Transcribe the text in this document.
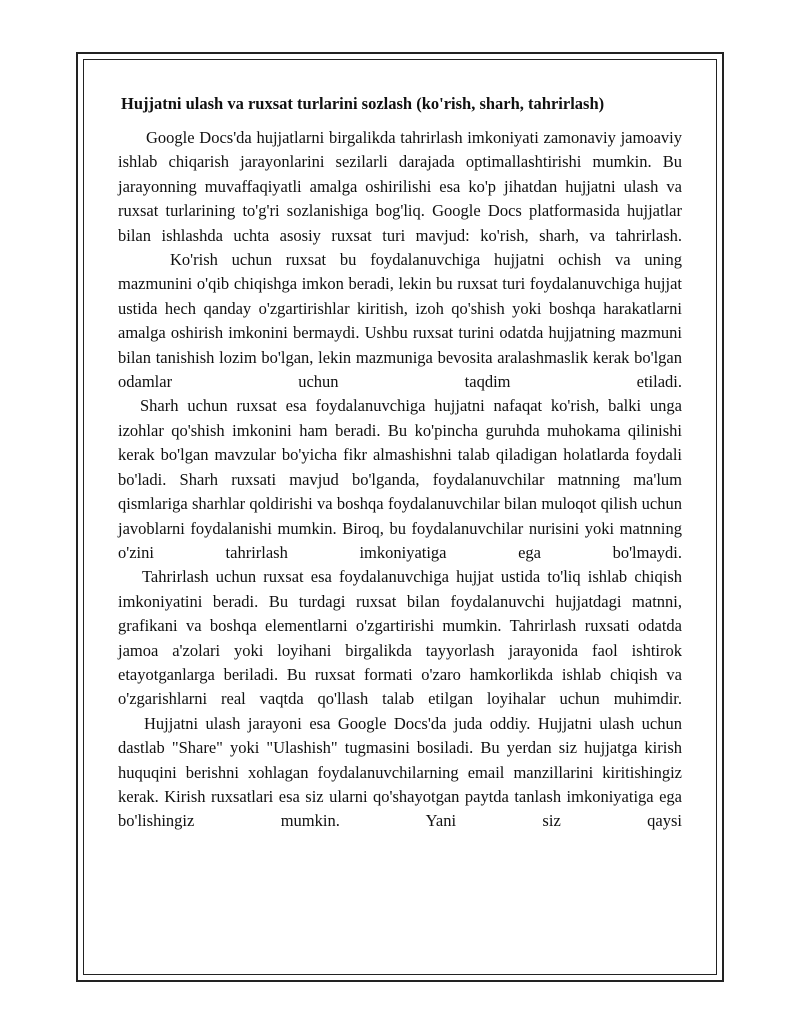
Hujjatni ulash va ruxsat turlarini sozlash (ko'rish, sharh, tahrirlash)

Google Docs'da hujjatlarni birgalikda tahrirlash imkoniyati zamonaviy jamoaviy ishlab chiqarish jarayonlarini sezilarli darajada optimallashtirishi mumkin. Bu jarayonning muvaffaqiyatli amalga oshirilishi esa ko'p jihatdan hujjatni ulash va ruxsat turlarining to'g'ri sozlanishiga bog'liq. Google Docs platformasida hujjatlar bilan ishlashda uchta asosiy ruxsat turi mavjud: ko'rish, sharh, va tahrirlash.

Ko'rish uchun ruxsat bu foydalanuvchiga hujjatni ochish va uning mazmunini o'qib chiqishga imkon beradi, lekin bu ruxsat turi foydalanuvchiga hujjat ustida hech qanday o'zgartirishlar kiritish, izoh qo'shish yoki boshqa harakatlarni amalga oshirish imkonini bermaydi. Ushbu ruxsat turini odatda hujjatning mazmuni bilan tanishish lozim bo'lgan, lekin mazmuniga bevosita aralashmaslik kerak bo'lgan odamlar uchun taqdim etiladi.

Sharh uchun ruxsat esa foydalanuvchiga hujjatni nafaqat ko'rish, balki unga izohlar qo'shish imkonini ham beradi. Bu ko'pincha guruhda muhokama qilinishi kerak bo'lgan mavzular bo'yicha fikr almashishni talab qiladigan holatlarda foydali bo'ladi. Sharh ruxsati mavjud bo'lganda, foydalanuvchilar matnning ma'lum qismlariga sharhlar qoldirishi va boshqa foydalanuvchilar bilan muloqot qilish uchun javoblarni foydalanishi mumkin. Biroq, bu foydalanuvchilar nurisini yoki matnning o'zini tahrirlash imkoniyatiga ega bo'lmaydi.

Tahrirlash uchun ruxsat esa foydalanuvchiga hujjat ustida to'liq ishlab chiqish imkoniyatini beradi. Bu turdagi ruxsat bilan foydalanuvchi hujjatdagi matnni, grafikani va boshqa elementlarni o'zgartirishi mumkin. Tahrirlash ruxsati odatda jamoa a'zolari yoki loyihani birgalikda tayyorlash jarayonida faol ishtirok etayotganlarga beriladi. Bu ruxsat formati o'zaro hamkorlikda ishlab chiqish va o'zgarishlarni real vaqtda qo'llash talab etilgan loyihalar uchun muhimdir.

Hujjatni ulash jarayoni esa Google Docs'da juda oddiy. Hujjatni ulash uchun dastlab "Share" yoki "Ulashish" tugmasini bosiladi. Bu yerdan siz hujjatga kirish huquqini berishni xohlagan foydalanuvchilarning email manzillarini kiritishingiz kerak. Kirish ruxsatlari esa siz ularni qo'shayotgan paytda tanlash imkoniyatiga ega bo'lishingiz mumkin. Yani siz qaysi
